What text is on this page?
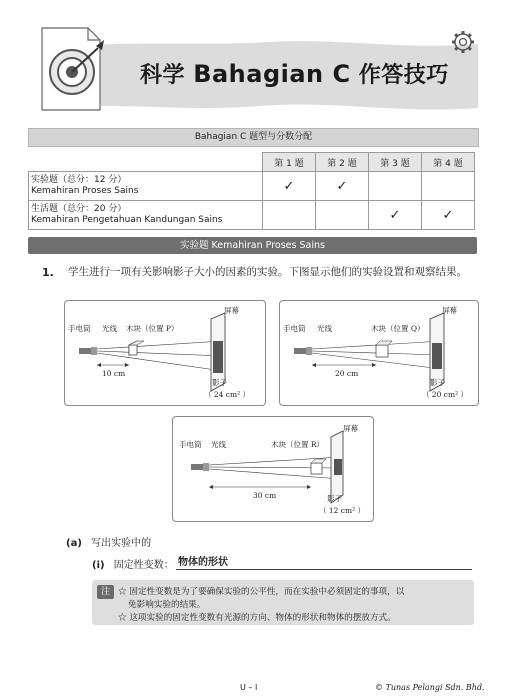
科学 Bahagian C 作答技巧
Bahagian C 题型与分数分配
	第 1 题	第 2 题	第 3 题	第 4 题

实验题（总分：12 分）
Kemahiran Proses Sains	✓	✓		

生活题（总分：20 分）
Kemahiran Pengetahuan Kandungan Sains			✓	✓
实验题 Kemahiran Proses Sains
1. 学生进行一项有关影响影子大小的因素的实验。下图显示他们的实验设置和观察结果。
手电筒 光线 木块（位置 P）
屏幕
10 cm
影子
（ 24 cm² ）
手电筒 光线	木块（位置 Q）
屏幕
20 cm
影子
（ 20 cm² ）
手电筒 光线	木块（位置 R）
屏幕
30 cm	影子
（ 12 cm² ）
(a) 写出实验中的
(i) 固定性变数： 物体的形状
注 ☆ 固定性变数是为了要确保实验的公平性，而在实验中必须固定的事项，以
免影响实验的结果。
☆ 这项实验的固定性变数有光源的方向、物体的形状和物体的摆放方式。
U – I	© Tunas Pelangi Sdn. Bhd.
